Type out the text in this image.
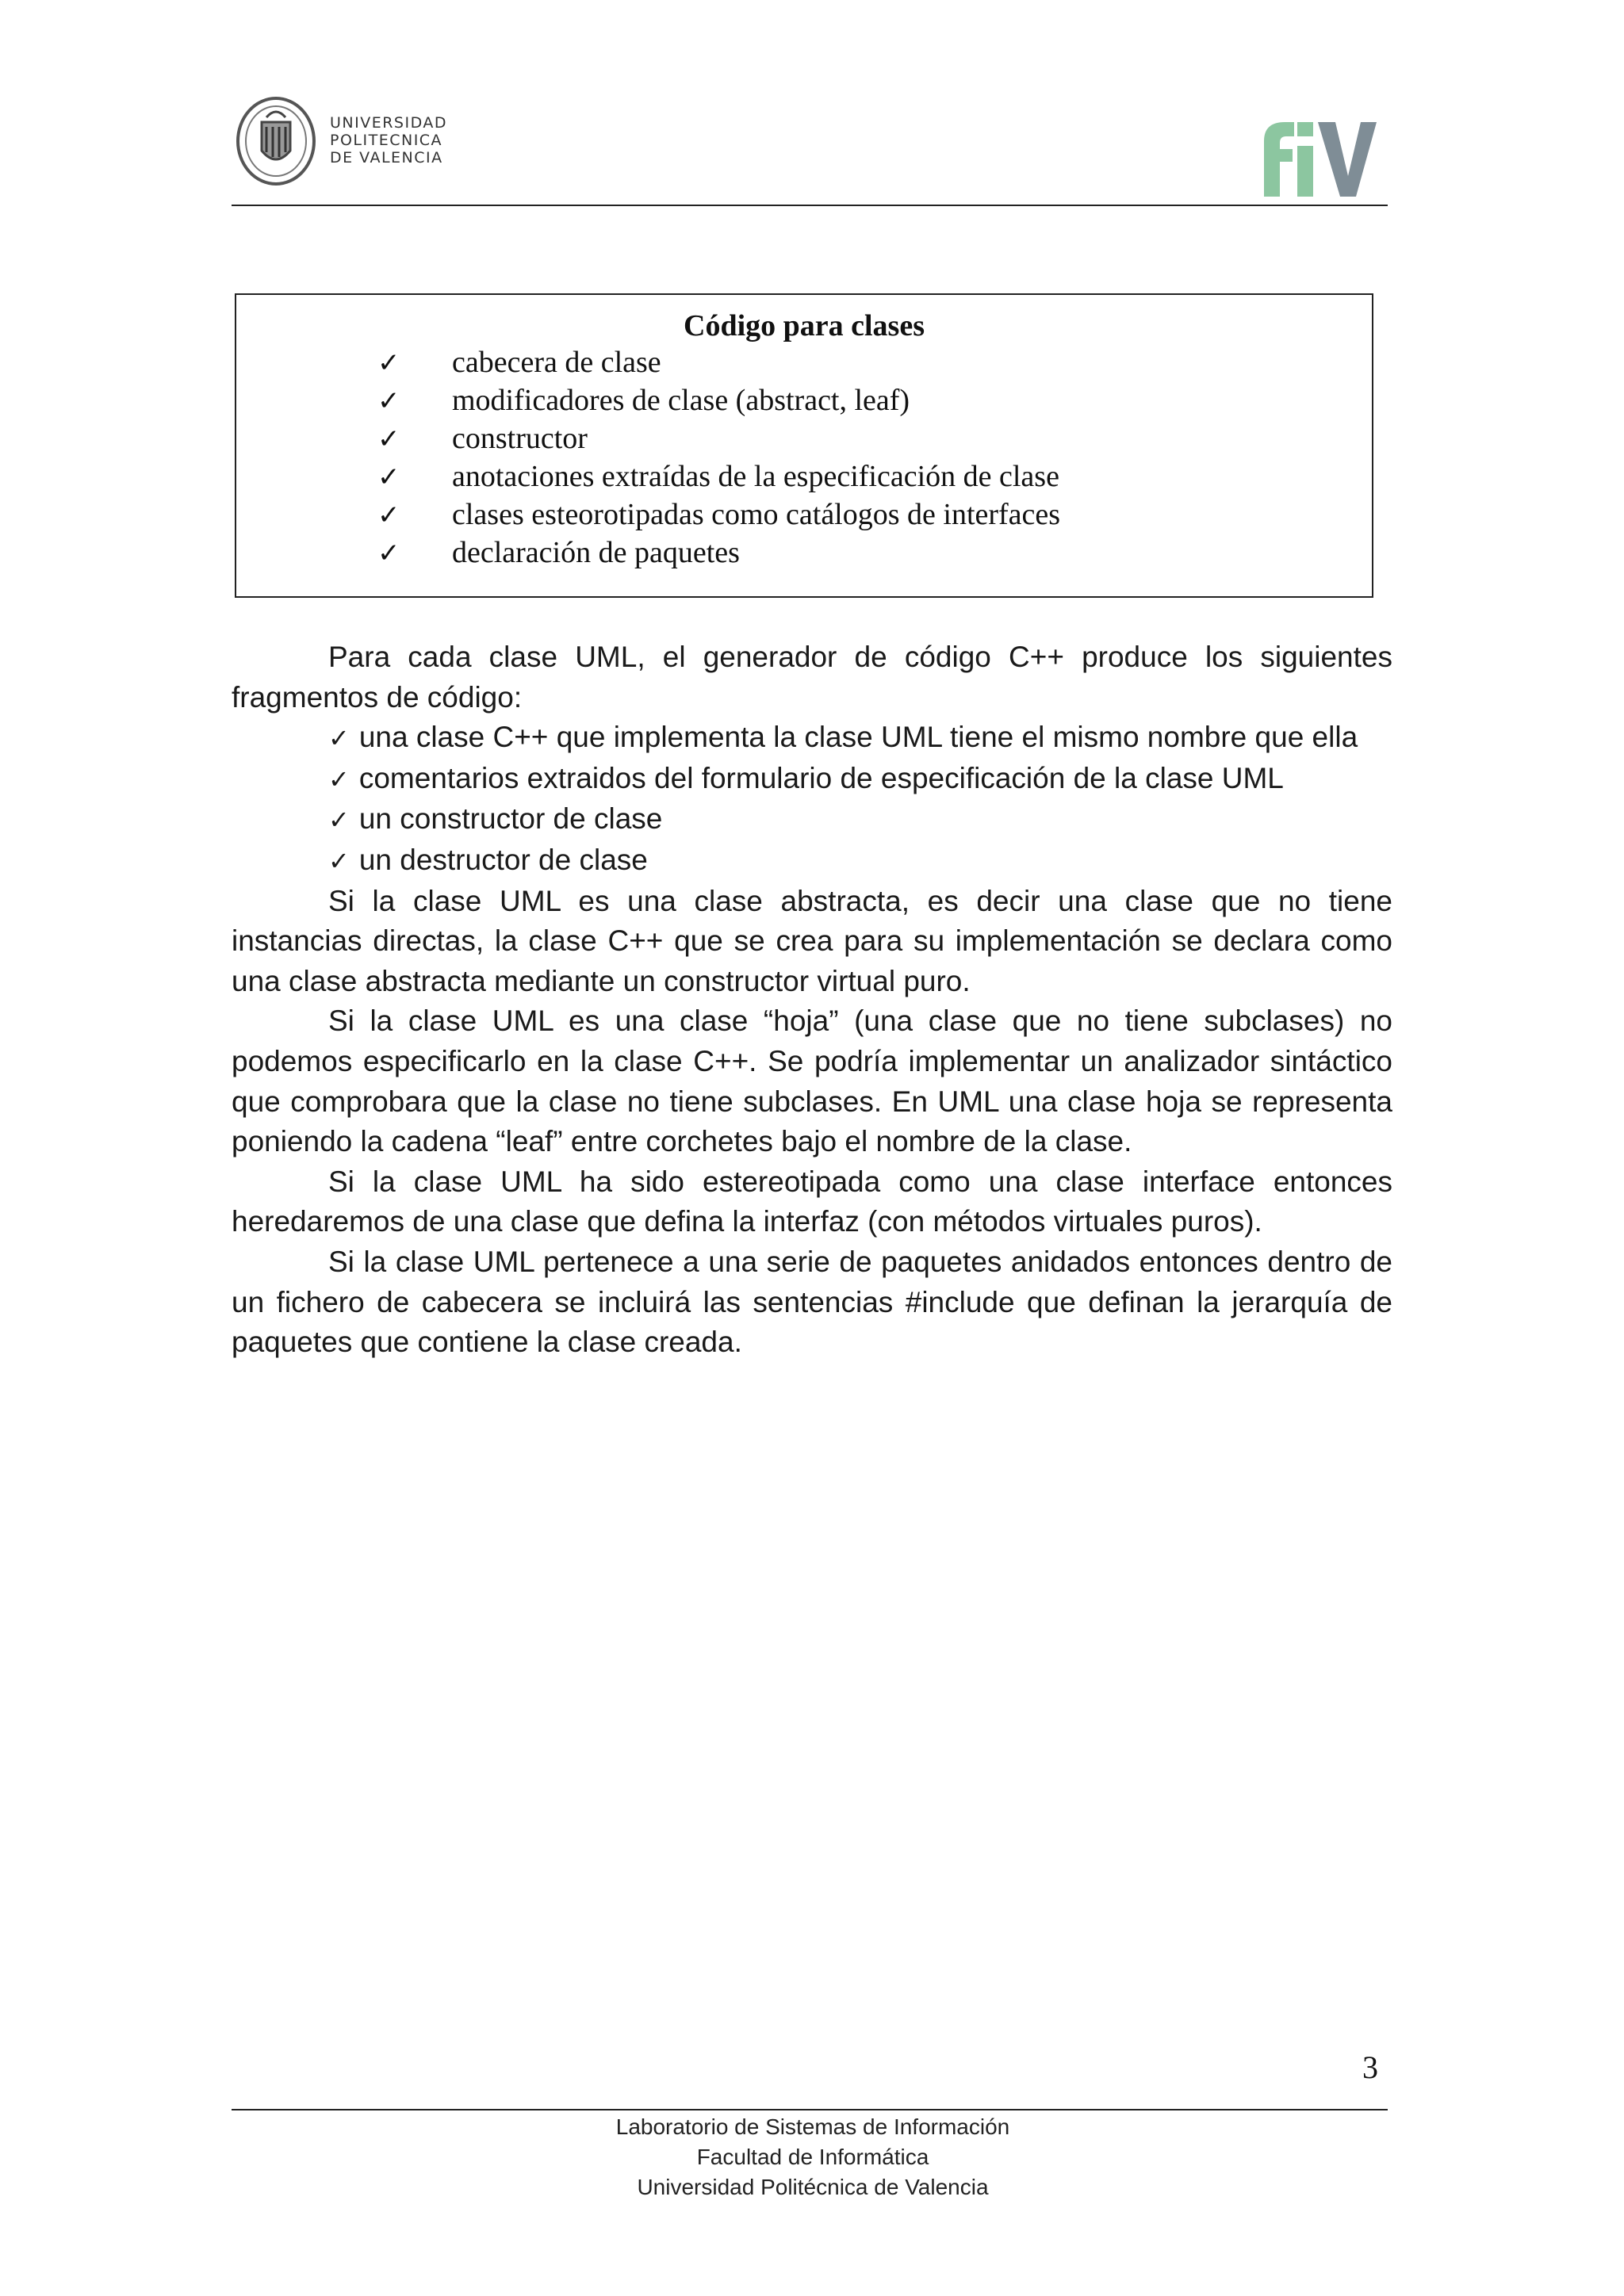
UNIVERSIDAD
POLITECNICA
DE VALENCIA
Código para clases
✓ cabecera de clase
✓ modificadores de clase (abstract, leaf)
✓ constructor
✓ anotaciones extraídas de la especificación de clase
✓ clases esteorotipadas como catálogos de interfaces
✓ declaración de paquetes

Para cada clase UML, el generador de código C++ produce los siguientes fragmentos de código:

✓ una clase C++ que implementa la clase UML tiene el mismo nombre que ella
✓ comentarios extraidos del formulario de especificación de la clase UML
✓ un constructor de clase
✓ un destructor de clase

Si la clase UML es una clase abstracta, es decir una clase que no tiene instancias directas, la clase C++ que se crea para su implementación se declara como una clase abstracta mediante un constructor virtual puro.

Si la clase UML es una clase “hoja” (una clase que no tiene subclases) no podemos especificarlo en la clase C++. Se podría implementar un analizador sintáctico que comprobara que la clase no tiene subclases. En UML una clase hoja se representa poniendo la cadena “leaf” entre corchetes bajo el nombre de la clase.

Si la clase UML ha sido estereotipada como una clase interface entonces heredaremos de una clase que defina la interfaz (con métodos virtuales puros).

Si la clase UML pertenece a una serie de paquetes anidados entonces dentro de un fichero de cabecera se incluirá las sentencias #include que definan la jerarquía de paquetes que contiene la clase creada.

3
Laboratorio de Sistemas de Información
Facultad de Informática
Universidad Politécnica de Valencia
